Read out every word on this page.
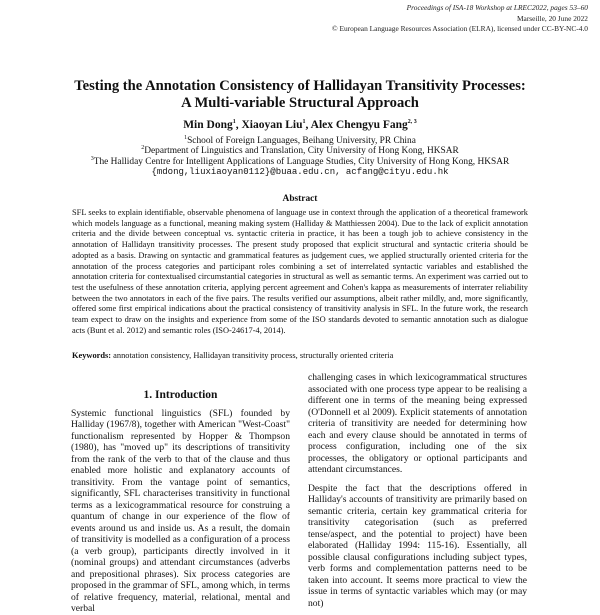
Proceedings of ISA-18 Workshop at LREC2022, pages 53–60
Marseille, 20 June 2022
© European Language Resources Association (ELRA), licensed under CC-BY-NC-4.0
Testing the Annotation Consistency of Hallidayan Transitivity Processes:
A Multi-variable Structural Approach
Min Dong$^1$, Xiaoyan Liu$^1$, Alex Chengyu Fang$^{2, 3}$
$^1$School of Foreign Languages, Beihang University, PR China
$^2$Department of Linguistics and Translation, City University of Hong Kong, HKSAR
$^3$The Halliday Centre for Intelligent Applications of Language Studies, City University of Hong Kong, HKSAR
{mdong,liuxiaoyan0112}@buaa.edu.cn, acfang@cityu.edu.hk
Abstract
SFL seeks to explain identifiable, observable phenomena of language use in context through the application of a theoretical framework which models language as a functional, meaning making system (Halliday & Matthiessen 2004). Due to the lack of explicit annotation criteria and the divide between conceptual vs. syntactic criteria in practice, it has been a tough job to achieve consistency in the annotation of Hallidayn transitivity processes. The present study proposed that explicit structural and syntactic criteria should be adopted as a basis. Drawing on syntactic and grammatical features as judgement cues, we applied structurally oriented criteria for the annotation of the process categories and participant roles combining a set of interrelated syntactic variables and established the annotation criteria for contextualised circumstantial categories in structural as well as semantic terms. An experiment was carried out to test the usefulness of these annotation criteria, applying percent agreement and Cohen's kappa as measurements of interrater reliability between the two annotators in each of the five pairs. The results verified our assumptions, albeit rather mildly, and, more significantly, offered some first empirical indications about the practical consistency of transitivity analysis in SFL. In the future work, the research team expect to draw on the insights and experience from some of the ISO standards devoted to semantic annotation such as dialogue acts (Bunt et al. 2012) and semantic roles (ISO-24617-4, 2014).
Keywords: annotation consistency, Hallidayan transitivity process, structurally oriented criteria
1. Introduction

Systemic functional linguistics (SFL) founded by Halliday (1967/8), together with American "West-Coast" functionalism represented by Hopper & Thompson (1980), has "moved up" its descriptions of transitivity from the rank of the verb to that of the clause and thus enabled more holistic and explanatory accounts of transitivity. From the vantage point of semantics, significantly, SFL characterises transitivity in functional terms as a lexicogrammatical resource for construing a quantum of change in our experience of the flow of events around us and inside us. As a result, the domain of transitivity is modelled as a configuration of a process (a verb group), participants directly involved in it (nominal groups) and attendant circumstances (adverbs and prepositional phrases). Six process categories are proposed in the grammar of SFL, among which, in terms of relative frequency, material, relational, mental and verbal

challenging cases in which lexicogrammatical structures associated with one process type appear to be realising a different one in terms of the meaning being expressed (O'Donnell et al 2009). Explicit statements of annotation criteria of transitivity are needed for determining how each and every clause should be annotated in terms of process configuration, including one of the six processes, the obligatory or optional participants and attendant circumstances.

Despite the fact that the descriptions offered in Halliday's accounts of transitivity are primarily based on semantic criteria, certain key grammatical criteria for transitivity categorisation (such as preferred tense/aspect, and the potential to project) have been elaborated (Halliday 1994: 115-16). Essentially, all possible clausal configurations including subject types, verb forms and complementation patterns need to be taken into account. It seems more practical to view the issue in terms of syntactic variables which may (or may not)
